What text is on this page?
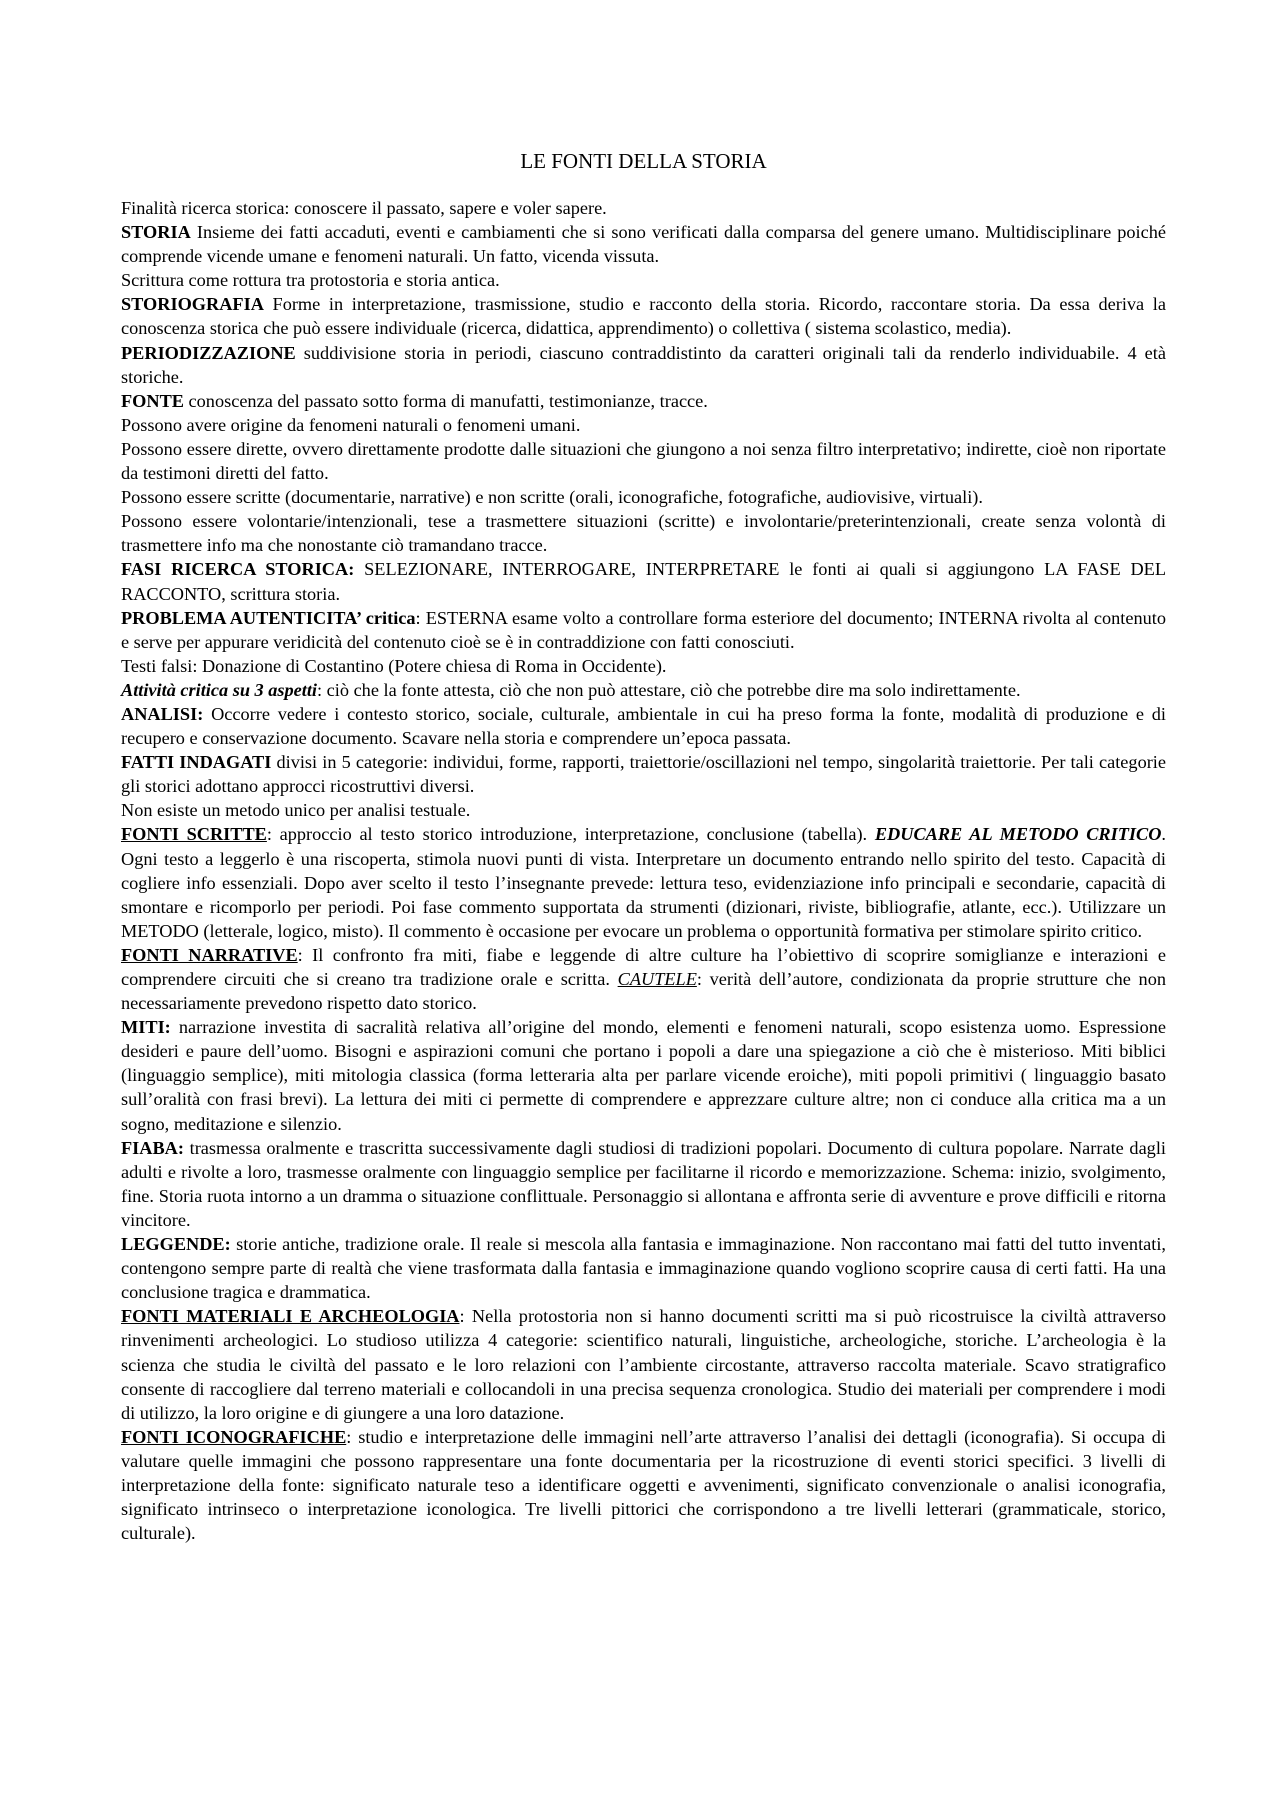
LE FONTI DELLA STORIA

Finalità ricerca storica: conoscere il passato, sapere e voler sapere.

STORIA Insieme dei fatti accaduti, eventi e cambiamenti che si sono verificati dalla comparsa del genere umano. Multidisciplinare poiché comprende vicende umane e fenomeni naturali. Un fatto, vicenda vissuta.

Scrittura come rottura tra protostoria e storia antica.

STORIOGRAFIA Forme in interpretazione, trasmissione, studio e racconto della storia. Ricordo, raccontare storia. Da essa deriva la conoscenza storica che può essere individuale (ricerca, didattica, apprendimento) o collettiva ( sistema scolastico, media).

PERIODIZZAZIONE suddivisione storia in periodi, ciascuno contraddistinto da caratteri originali tali da renderlo individuabile. 4 età storiche.

FONTE conoscenza del passato sotto forma di manufatti, testimonianze, tracce.

Possono avere origine da fenomeni naturali o fenomeni umani.

Possono essere dirette, ovvero direttamente prodotte dalle situazioni che giungono a noi senza filtro interpretativo; indirette, cioè non riportate da testimoni diretti del fatto.

Possono essere scritte (documentarie, narrative) e non scritte (orali, iconografiche, fotografiche, audiovisive, virtuali).

Possono essere volontarie/intenzionali, tese a trasmettere situazioni (scritte) e involontarie/preterintenzionali, create senza volontà di trasmettere info ma che nonostante ciò tramandano tracce.

FASI RICERCA STORICA: SELEZIONARE, INTERROGARE, INTERPRETARE le fonti ai quali si aggiungono LA FASE DEL RACCONTO, scrittura storia.

PROBLEMA AUTENTICITA’ critica: ESTERNA esame volto a controllare forma esteriore del documento; INTERNA rivolta al contenuto e serve per appurare veridicità del contenuto cioè se è in contraddizione con fatti conosciuti.

Testi falsi: Donazione di Costantino (Potere chiesa di Roma in Occidente).

Attività critica su 3 aspetti: ciò che la fonte attesta, ciò che non può attestare, ciò che potrebbe dire ma solo indirettamente.

ANALISI: Occorre vedere i contesto storico, sociale, culturale, ambientale in cui ha preso forma la fonte, modalità di produzione e di recupero e conservazione documento. Scavare nella storia e comprendere un’epoca passata.

FATTI INDAGATI divisi in 5 categorie: individui, forme, rapporti, traiettorie/oscillazioni nel tempo, singolarità traiettorie. Per tali categorie gli storici adottano approcci ricostruttivi diversi.

Non esiste un metodo unico per analisi testuale.

FONTI SCRITTE: approccio al testo storico introduzione, interpretazione, conclusione (tabella). EDUCARE AL METODO CRITICO. Ogni testo a leggerlo è una riscoperta, stimola nuovi punti di vista. Interpretare un documento entrando nello spirito del testo. Capacità di cogliere info essenziali. Dopo aver scelto il testo l’insegnante prevede: lettura teso, evidenziazione info principali e secondarie, capacità di smontare e ricomporlo per periodi. Poi fase commento supportata da strumenti (dizionari, riviste, bibliografie, atlante, ecc.). Utilizzare un METODO (letterale, logico, misto). Il commento è occasione per evocare un problema o opportunità formativa per stimolare spirito critico.

FONTI NARRATIVE: Il confronto fra miti, fiabe e leggende di altre culture ha l’obiettivo di scoprire somiglianze e interazioni e comprendere circuiti che si creano tra tradizione orale e scritta. CAUTELE: verità dell’autore, condizionata da proprie strutture che non necessariamente prevedono rispetto dato storico.

MITI: narrazione investita di sacralità relativa all’origine del mondo, elementi e fenomeni naturali, scopo esistenza uomo. Espressione desideri e paure dell’uomo. Bisogni e aspirazioni comuni che portano i popoli a dare una spiegazione a ciò che è misterioso. Miti biblici (linguaggio semplice), miti mitologia classica (forma letteraria alta per parlare vicende eroiche), miti popoli primitivi ( linguaggio basato sull’oralità con frasi brevi). La lettura dei miti ci permette di comprendere e apprezzare culture altre; non ci conduce alla critica ma a un sogno, meditazione e silenzio.

FIABA: trasmessa oralmente e trascritta successivamente dagli studiosi di tradizioni popolari. Documento di cultura popolare. Narrate dagli adulti e rivolte a loro, trasmesse oralmente con linguaggio semplice per facilitarne il ricordo e memorizzazione. Schema: inizio, svolgimento, fine. Storia ruota intorno a un dramma o situazione conflittuale. Personaggio si allontana e affronta serie di avventure e prove difficili e ritorna vincitore.

LEGGENDE: storie antiche, tradizione orale. Il reale si mescola alla fantasia e immaginazione. Non raccontano mai fatti del tutto inventati, contengono sempre parte di realtà che viene trasformata dalla fantasia e immaginazione quando vogliono scoprire causa di certi fatti. Ha una conclusione tragica e drammatica.

FONTI MATERIALI E ARCHEOLOGIA: Nella protostoria non si hanno documenti scritti ma si può ricostruisce la civiltà attraverso rinvenimenti archeologici. Lo studioso utilizza 4 categorie: scientifico naturali, linguistiche, archeologiche, storiche. L’archeologia è la scienza che studia le civiltà del passato e le loro relazioni con l’ambiente circostante, attraverso raccolta materiale. Scavo stratigrafico consente di raccogliere dal terreno materiali e collocandoli in una precisa sequenza cronologica. Studio dei materiali per comprendere i modi di utilizzo, la loro origine e di giungere a una loro datazione.

FONTI ICONOGRAFICHE: studio e interpretazione delle immagini nell’arte attraverso l’analisi dei dettagli (iconografia). Si occupa di valutare quelle immagini che possono rappresentare una fonte documentaria per la ricostruzione di eventi storici specifici. 3 livelli di interpretazione della fonte: significato naturale teso a identificare oggetti e avvenimenti, significato convenzionale o analisi iconografia, significato intrinseco o interpretazione iconologica. Tre livelli pittorici che corrispondono a tre livelli letterari (grammaticale, storico, culturale).
